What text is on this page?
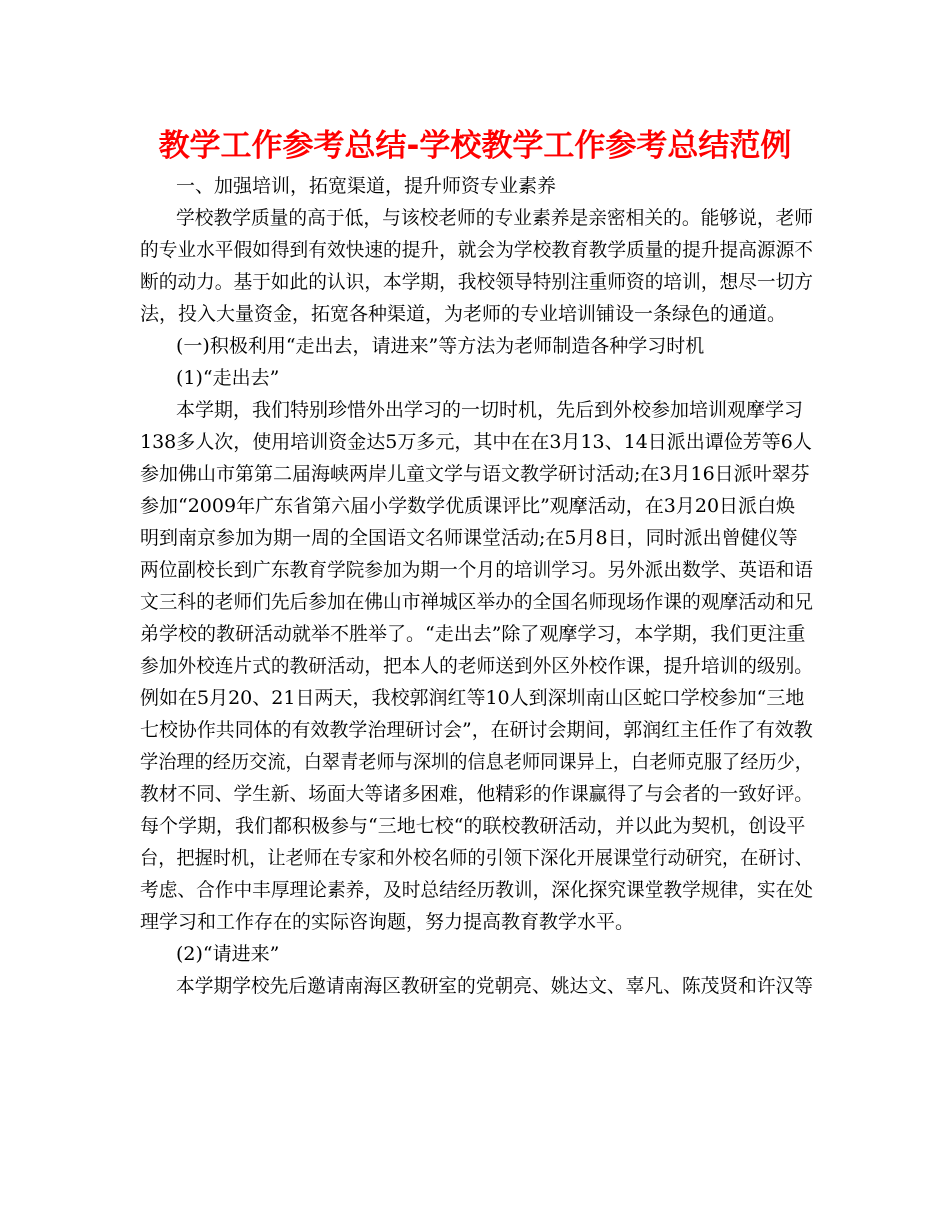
教学工作参考总结-学校教学工作参考总结范例
一、加强培训，拓宽渠道，提升师资专业素养
学校教学质量的高于低，与该校老师的专业素养是亲密相关的。能够说，老师
的专业水平假如得到有效快速的提升，就会为学校教育教学质量的提升提高源源不
断的动力。基于如此的认识，本学期，我校领导特别注重师资的培训，想尽一切方
法，投入大量资金，拓宽各种渠道，为老师的专业培训铺设一条绿色的通道。
(一)积极利用“走出去，请进来”等方法为老师制造各种学习时机
(1)“走出去”
本学期，我们特别珍惜外出学习的一切时机，先后到外校参加培训观摩学习
138多人次，使用培训资金达5万多元，其中在在3月13、14日派出谭俭芳等6人
参加佛山市第第二届海峡两岸儿童文学与语文教学研讨活动;在3月16日派叶翠芬
参加“2009年广东省第六届小学数学优质课评比”观摩活动，在3月20日派白焕
明到南京参加为期一周的全国语文名师课堂活动;在5月8日，同时派出曾健仪等
两位副校长到广东教育学院参加为期一个月的培训学习。另外派出数学、英语和语
文三科的老师们先后参加在佛山市禅城区举办的全国名师现场作课的观摩活动和兄
弟学校的教研活动就举不胜举了。“走出去”除了观摩学习，本学期，我们更注重
参加外校连片式的教研活动，把本人的老师送到外区外校作课，提升培训的级别。
例如在5月20、21日两天，我校郭润红等10人到深圳南山区蛇口学校参加“三地
七校协作共同体的有效教学治理研讨会”，在研讨会期间，郭润红主任作了有效教
学治理的经历交流，白翠青老师与深圳的信息老师同课异上，白老师克服了经历少，
教材不同、学生新、场面大等诸多困难，他精彩的作课赢得了与会者的一致好评。
每个学期，我们都积极参与“三地七校“的联校教研活动，并以此为契机，创设平
台，把握时机，让老师在专家和外校名师的引领下深化开展课堂行动研究，在研讨、
考虑、合作中丰厚理论素养，及时总结经历教训，深化探究课堂教学规律，实在处
理学习和工作存在的实际咨询题，努力提高教育教学水平。
(2)“请进来”
本学期学校先后邀请南海区教研室的党朝亮、姚达文、辜凡、陈茂贤和许汉等
